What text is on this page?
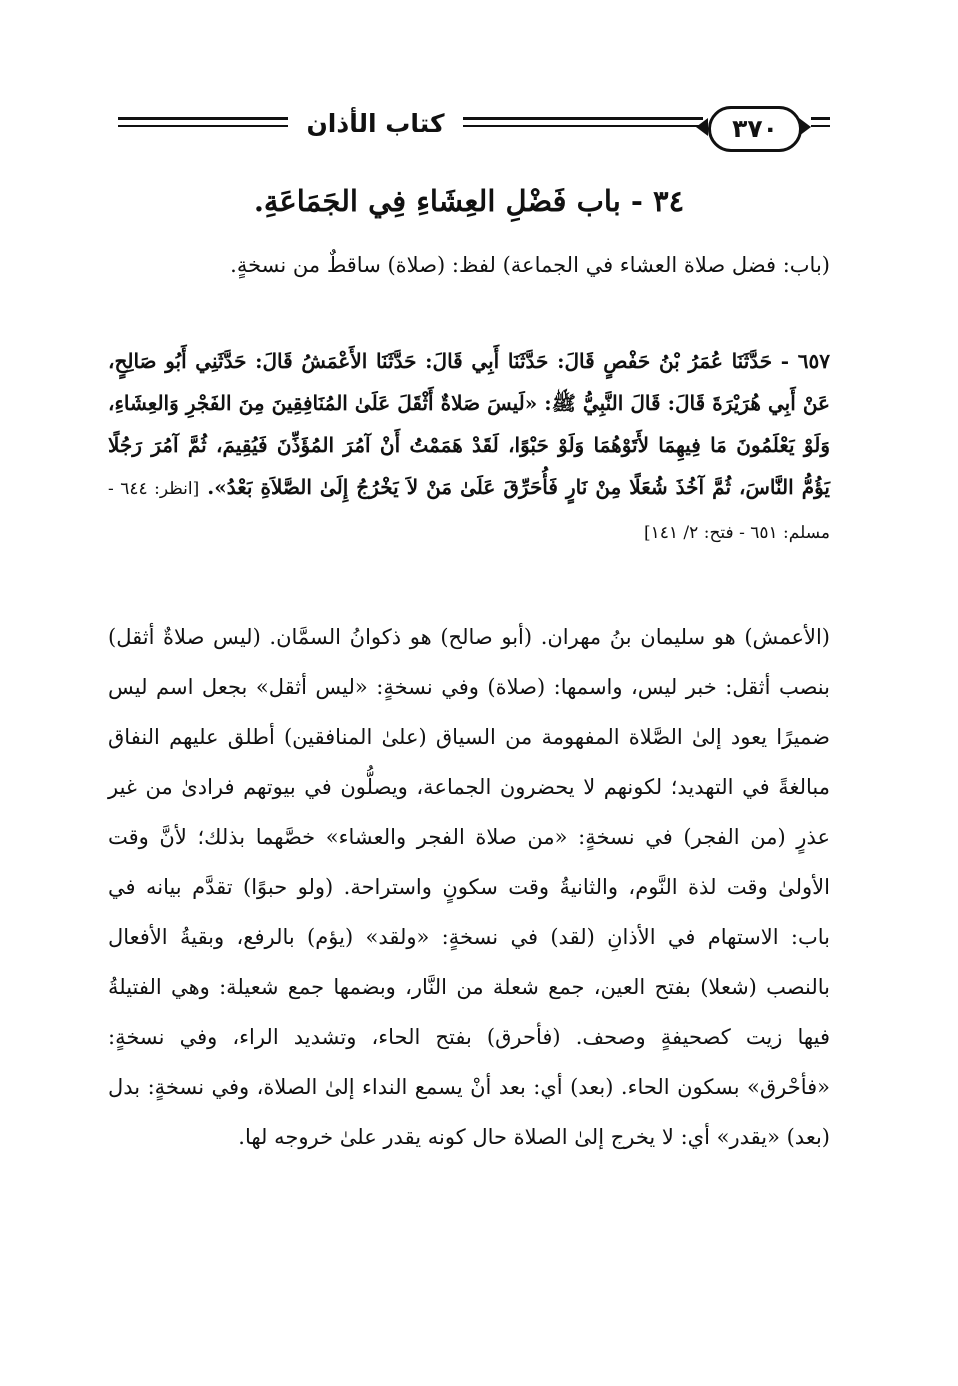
كتاب الأذان	٣٧٠
٣٤ - باب فَضْلِ العِشَاءِ فِي الجَمَاعَةِ.

(باب: فضل صلاة العشاء في الجماعة) لفظ: (صلاة) ساقطٌ من نسخةٍ.

٦٥٧ - حَدَّثَنَا عُمَرُ بْنُ حَفْصٍ قَالَ: حَدَّثَنَا أَبِي قَالَ: حَدَّثَنَا الأَعْمَشُ قَالَ: حَدَّثَنِي أَبُو صَالِحٍ، عَنْ أَبِي هُرَيْرَةَ قَالَ: قَالَ النَّبِيُّ ﷺ: «لَيسَ صَلاةٌ أَثْقَلَ عَلَىٰ المُنَافِقِينَ مِنَ الفَجْرِ وَالعِشَاءِ، وَلَوْ يَعْلَمُونَ مَا فِيهِمَا لأَتَوْهُمَا وَلَوْ حَبْوًا، لَقَدْ هَمَمْتُ أَنْ آمُرَ المُؤَذِّنَ فَيُقِيمَ، ثُمَّ آمُرَ رَجُلًا يَؤُمُّ النَّاسَ، ثُمَّ آخُذَ شُعَلًا مِنْ نَارٍ فَأُحَرِّقَ عَلَىٰ مَنْ لاَ يَخْرُجُ إِلَىٰ الصَّلاَةِ بَعْدُ». [انظر: ٦٤٤ - مسلم: ٦٥١ - فتح: ٢/ ١٤١]

(الأعمش) هو سليمان بنُ مهران. (أبو صالح) هو ذكوانُ السمَّان. (ليس صلاةٌ أثقل) بنصب أثقل: خبر ليس، واسمها: (صلاة) وفي نسخةٍ: «ليس أثقل» بجعل اسم ليس ضميرًا يعود إلىٰ الصَّلاة المفهومة من السياق (علىٰ المنافقين) أطلق عليهم النفاق مبالغةً في التهديد؛ لكونهم لا يحضرون الجماعة، ويصلُّون في بيوتهم فرادىٰ من غير عذرٍ (من الفجر) في نسخةٍ: «من صلاة الفجر والعشاء» خصَّهما بذلك؛ لأنَّ وقت الأولىٰ وقت لذة النَّوم، والثانيةُ وقت سكونٍ واستراحة. (ولو حبوًا) تقدَّم بيانه في باب: الاستهام في الأذانِ (لقد) في نسخةٍ: «ولقد» (يؤم) بالرفع، وبقيةُ الأفعال بالنصب (شعلا) بفتح العين، جمع شعلة من النَّار، وبضمها جمع شعيلة: وهي الفتيلةُ فيها زيت كصحيفةٍ وصحف. (فأحرق) بفتح الحاء، وتشديد الراء، وفي نسخةٍ: «فأحْرق» بسكون الحاء. (بعد) أي: بعد أنْ يسمع النداء إلىٰ الصلاة، وفي نسخةٍ: بدل (بعد) «يقدر» أي: لا يخرج إلىٰ الصلاة حال كونه يقدر علىٰ خروجه لها.
